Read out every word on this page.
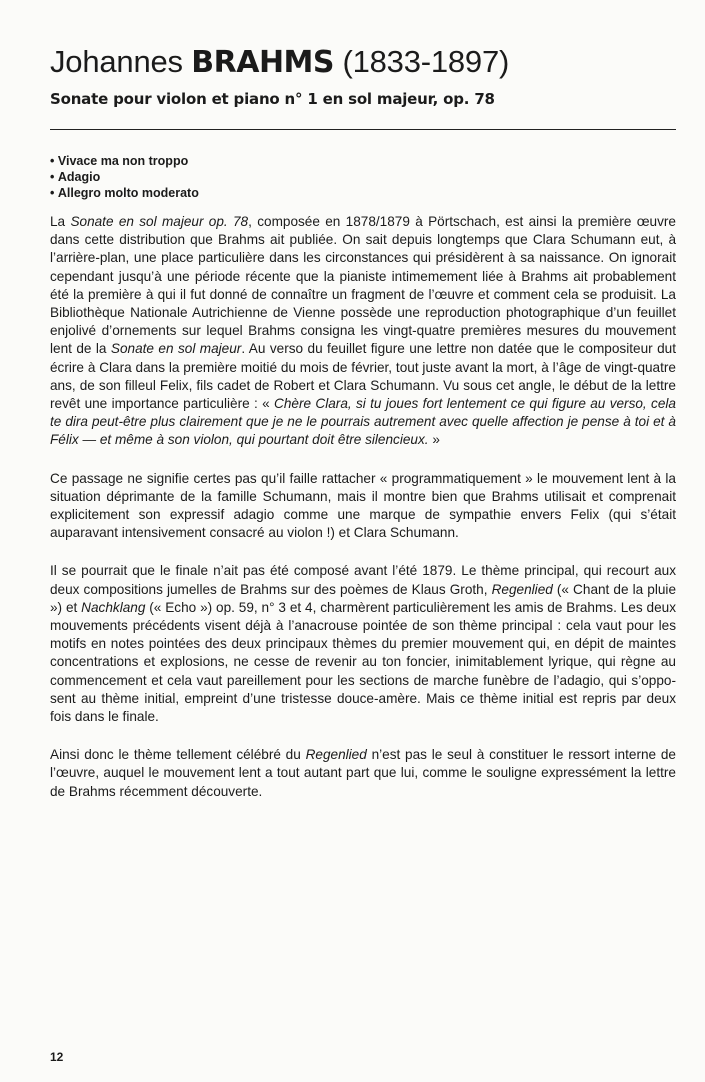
Johannes BRAHMS (1833-1897)
Sonate pour violon et piano n° 1 en sol majeur, op. 78
• Vivace ma non troppo
• Adagio
• Allegro molto moderato

La Sonate en sol majeur op. 78, composée en 1878/1879 à Pörtschach, est ainsi la première œuvre dans cette distribution que Brahms ait publiée. On sait depuis longtemps que Clara Schumann eut, à l’arrière-plan, une place particulière dans les circonstances qui présidèrent à sa naissance. On ignorait cependant jusqu’à une période récente que la pianiste intimemement liée à Brahms ait probablement été la première à qui il fut donné de connaître un fragment de l’œuvre et comment cela se produisit. La Bibliothèque Nationale Autrichienne de Vienne possède une reproduction photographique d’un feuillet enjolivé d’ornements sur lequel Brahms consigna les vingt-quatre premières mesures du mouvement lent de la Sonate en sol majeur. Au verso du feuillet figure une lettre non datée que le compositeur dut écrire à Clara dans la première moitié du mois de février, tout juste avant la mort, à l’âge de vingt-quatre ans, de son filleul Felix, fils cadet de Robert et Clara Schumann. Vu sous cet angle, le début de la lettre revêt une importance particulière : « Chère Clara, si tu joues fort lentement ce qui figure au verso, cela te dira peut-être plus clairement que je ne le pourrais autrement avec quelle affection je pense à toi et à Félix — et même à son violon, qui pourtant doit être silencieux. »

Ce passage ne signifie certes pas qu’il faille rattacher « programmatiquement » le mouvement lent à la situation déprimante de la famille Schumann, mais il montre bien que Brahms utilisait et comprenait explicitement son expressif adagio comme une marque de sympathie envers Felix (qui s’était auparavant intensivement consacré au violon !) et Clara Schumann.

Il se pourrait que le finale n’ait pas été composé avant l’été 1879. Le thème principal, qui recourt aux deux compositions jumelles de Brahms sur des poèmes de Klaus Groth, Regenlied (« Chant de la pluie ») et Nachklang (« Echo ») op. 59, n° 3 et 4, charmèrent particulièrement les amis de Brahms. Les deux mouvements précédents visent déjà à l’anacrouse pointée de son thème principal : cela vaut pour les motifs en notes pointées des deux principaux thèmes du premier mouvement qui, en dépit de maintes concentrations et explosions, ne cesse de revenir au ton foncier, inimitablement lyrique, qui règne au commencement et cela vaut pareillement pour les sections de marche funèbre de l’adagio, qui s’opposent au thème initial, empreint d’une tristesse douce-amère. Mais ce thème initial est repris par deux fois dans le finale.

Ainsi donc le thème tellement célébré du Regenlied n’est pas le seul à constituer le ressort interne de l’œuvre, auquel le mouvement lent a tout autant part que lui, comme le souligne expressément la lettre de Brahms récemment découverte.

12
